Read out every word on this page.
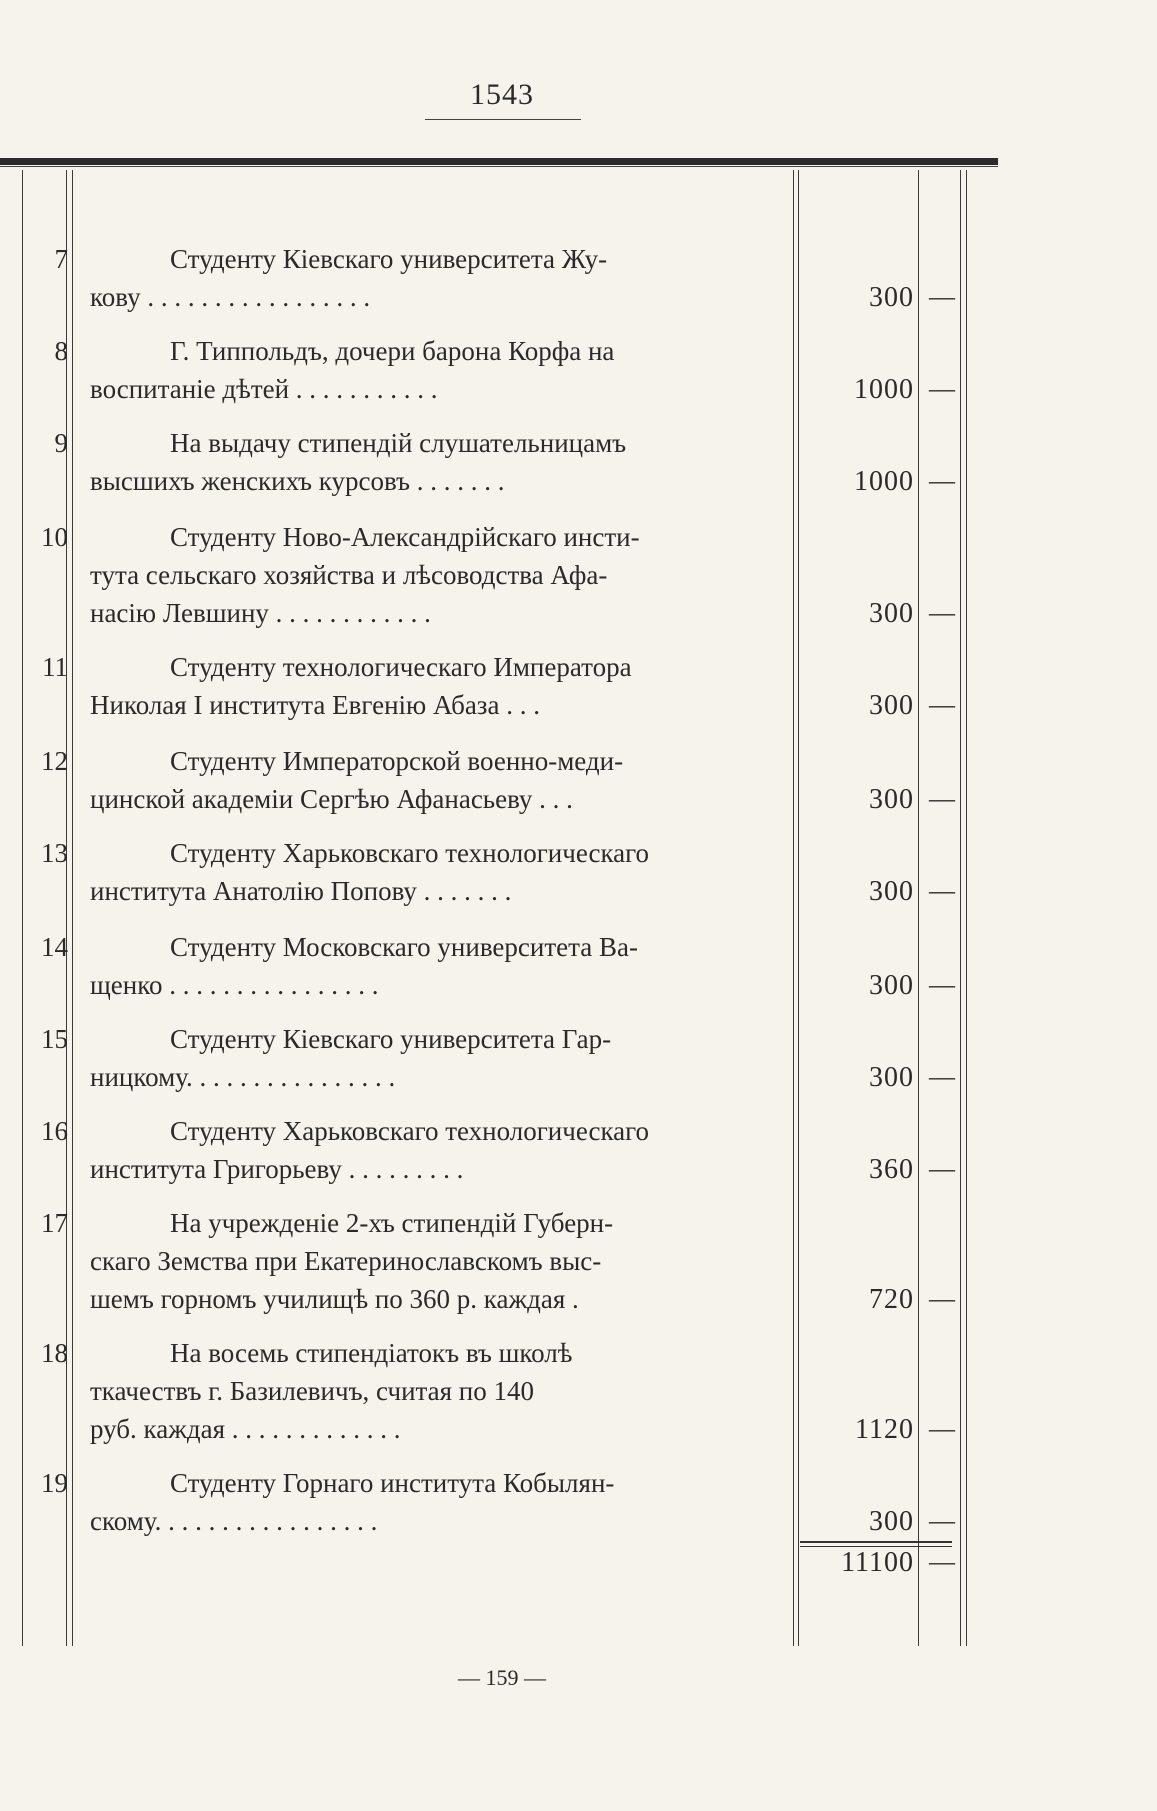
1543
7	Студенту Кіевскаго университета Жу-
кову . . . . . . . . . . . . . . . . .	300 —
8	Г. Типпольдъ, дочери барона Корфа на
воспитаніе дѣтей . . . . . . . . . . .	1000 —
9	На выдачу стипендій слушательницамъ
высшихъ женскихъ курсовъ . . . . . . .	1000 —
10	Студенту Ново-Александрійскаго инсти-
тута сельскаго хозяйства и лѣсоводства Афа-
насію Левшину . . . . . . . . . . . .	300 —
11	Студенту технологическаго Императора
Николая I института Евгенію Абаза . . .	300 —
12	Студенту Императорской военно-меди-
цинской академіи Сергѣю Афанасьеву . . .	300 —
13	Студенту Харьковскаго технологическаго
института Анатолію Попову . . . . . . .	300 —
14	Студенту Московскаго университета Ва-
щенко . . . . . . . . . . . . . . . .	300 —
15	Студенту Кіевскаго университета Гар-
ницкому. . . . . . . . . . . . . . . .	300 —
16	Студенту Харьковскаго технологическаго
института Григорьеву . . . . . . . . .	360 —
17	На учрежденіе 2-хъ стипендій Губерн-
скаго Земства при Екатеринославскомъ выс-
шемъ горномъ училищѣ по 360 р. каждая .	720 —
18	На восемь стипендіатокъ въ школѣ
ткачествъ г. Базилевичъ, считая по 140
руб. каждая . . . . . . . . . . . . .	1120 —
19	Студенту Горнаго института Кобылян-
скому. . . . . . . . . . . . . . . . .	300 —
11100 —
— 159 —
